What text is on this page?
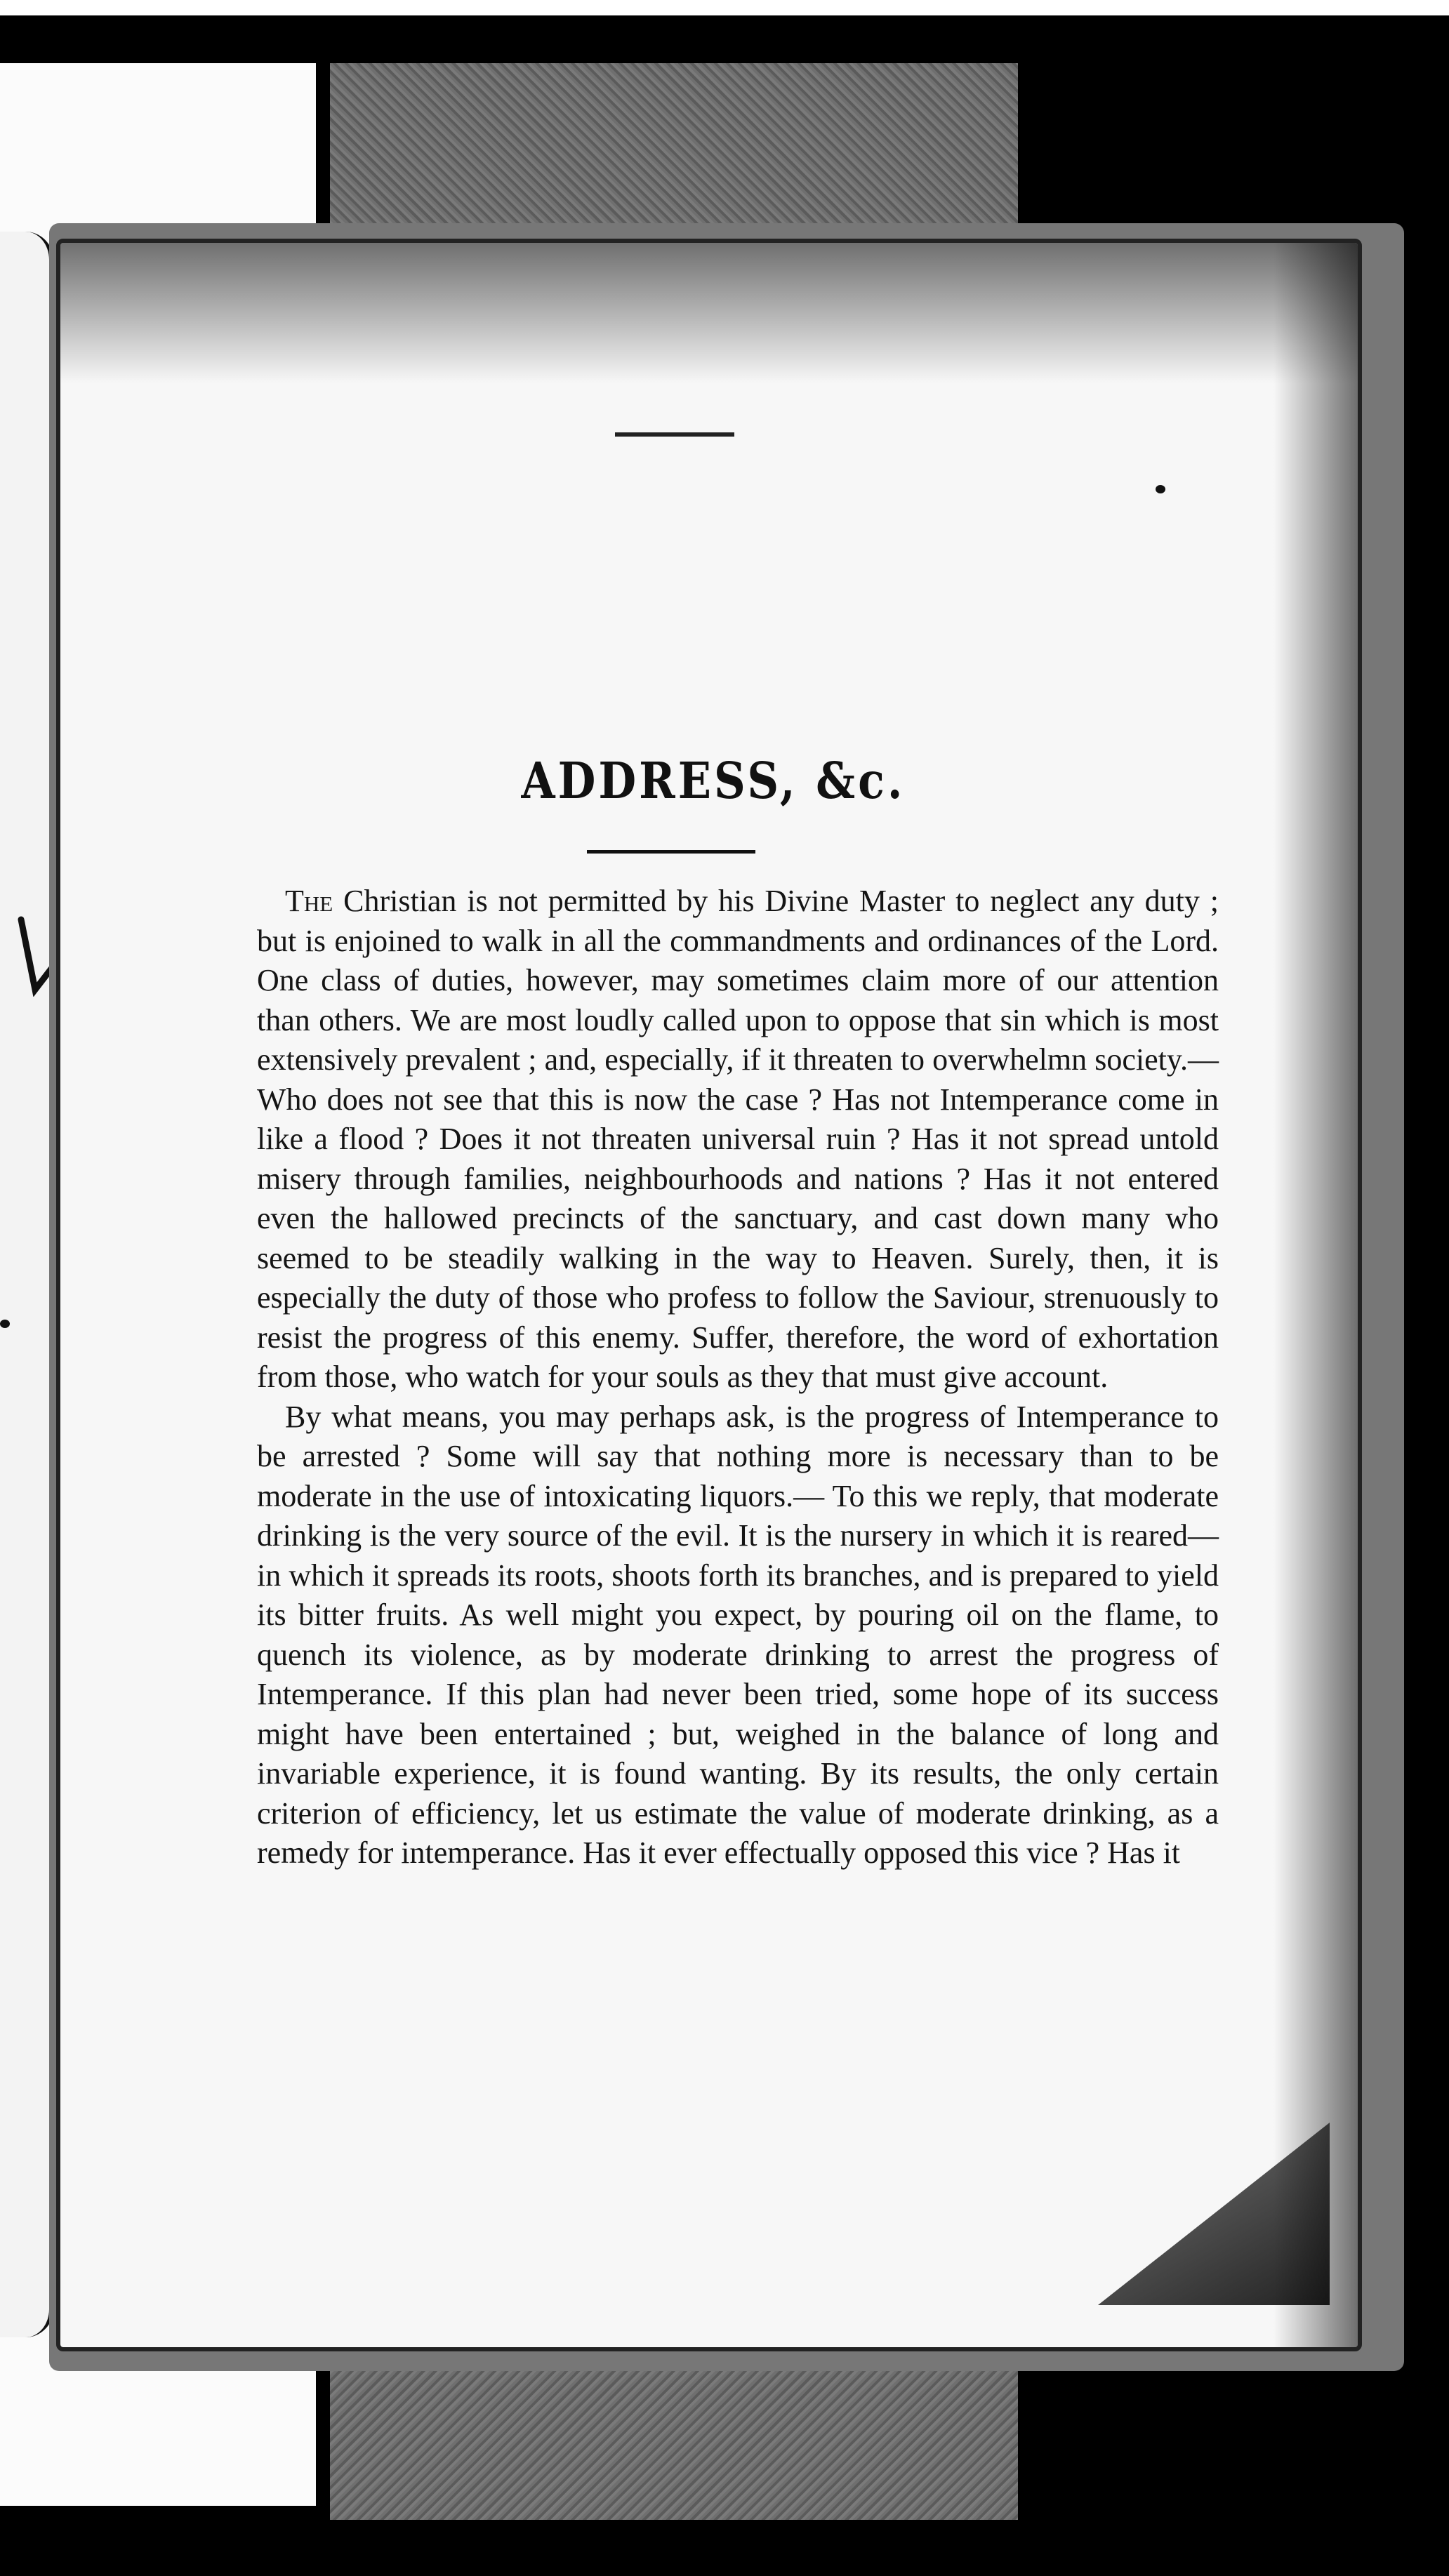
ADDRESS, &c.

The Christian is not permitted by his Divine Master to neglect any duty ; but is enjoined to walk in all the commandments and ordinances of the Lord. One class of duties, however, may sometimes claim more of our attention than others. We are most loudly called upon to oppose that sin which is most extensively prevalent ; and, especially, if it threaten to overwhelmn society.— Who does not see that this is now the case ? Has not Intemperance come in like a flood ? Does it not threaten universal ruin ? Has it not spread untold misery through families, neighbourhoods and nations ? Has it not entered even the hallowed precincts of the sanctuary, and cast down many who seemed to be steadily walking in the way to Heaven. Surely, then, it is especially the duty of those who profess to follow the Saviour, strenuously to resist the progress of this enemy. Suffer, therefore, the word of exhortation from those, who watch for your souls as they that must give account.

By what means, you may perhaps ask, is the progress of Intemperance to be arrested ? Some will say that nothing more is necessary than to be moderate in the use of intoxicating liquors.— To this we reply, that moderate drinking is the very source of the evil. It is the nursery in which it is reared—in which it spreads its roots, shoots forth its branches, and is prepared to yield its bitter fruits. As well might you expect, by pouring oil on the flame, to quench its violence, as by moderate drinking to arrest the progress of Intemperance. If this plan had never been tried, some hope of its success might have been entertained ; but, weighed in the balance of long and invariable experience, it is found wanting. By its results, the only certain criterion of efficiency, let us estimate the value of moderate drinking, as a remedy for intemperance. Has it ever effectually opposed this vice ? Has it
